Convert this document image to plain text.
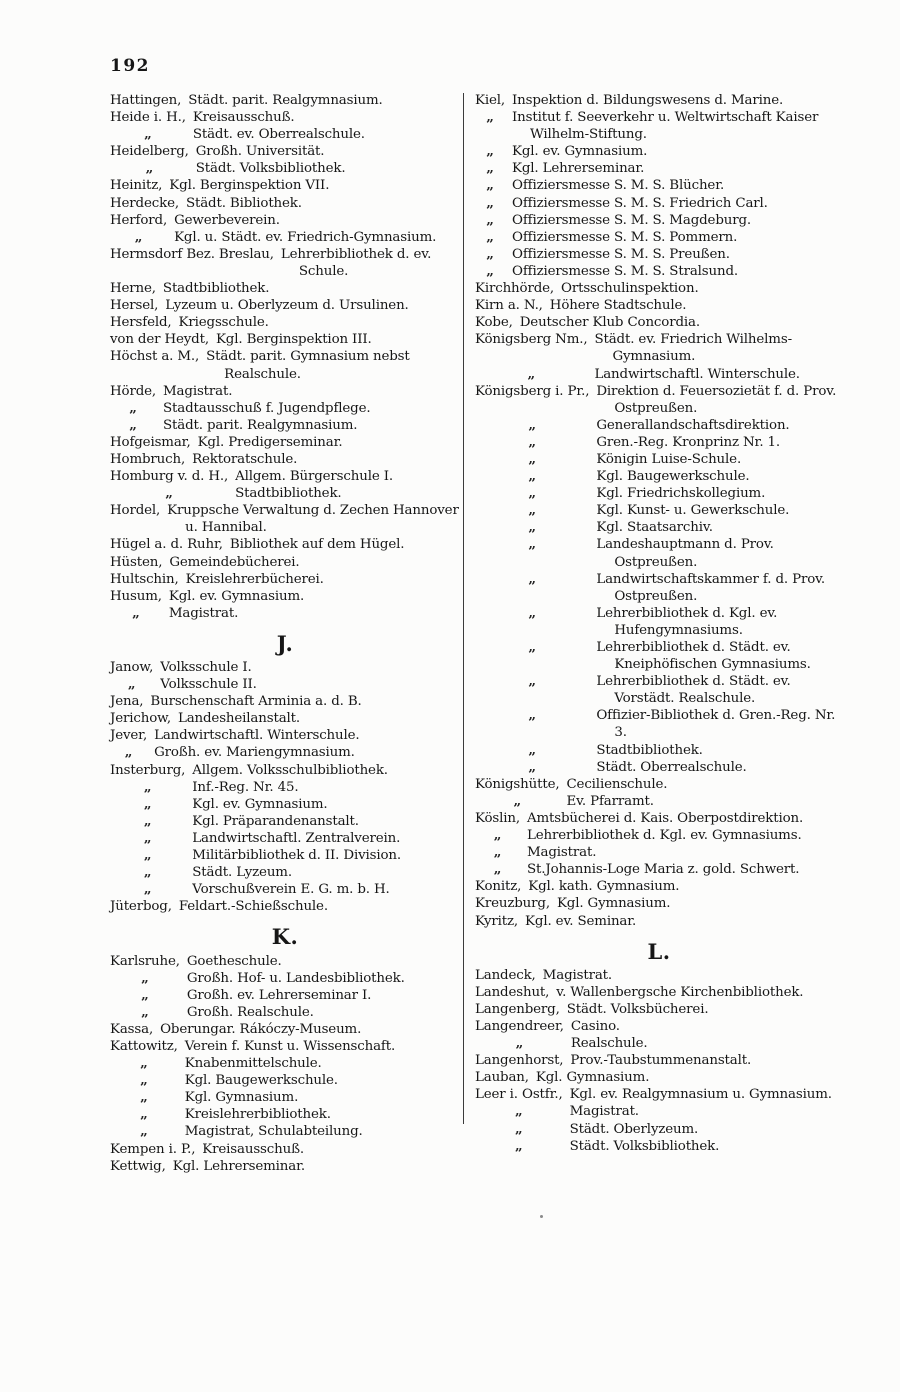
192
Hattingen, Städt. parit. Realgymnasium.
Heide i. H., Kreisausschuß.
„	Städt. ev. Oberrealschule.
Heidelberg, Großh. Universität.
„	Städt. Volksbibliothek.
Heinitz, Kgl. Berginspektion VII.
Herdecke, Städt. Bibliothek.
Herford, Gewerbeverein.
„	Kgl. u. Städt. ev. Friedrich-Gymnasium.
Hermsdorf Bez. Breslau, Lehrerbibliothek d. ev. Schule.
Herne, Stadtbibliothek.
Hersel, Lyzeum u. Oberlyzeum d. Ursulinen.
Hersfeld, Kriegsschule.
von der Heydt, Kgl. Berginspektion III.
Höchst a. M., Städt. parit. Gymnasium nebst Realschule.
Hörde, Magistrat.
„	Stadtausschuß f. Jugendpflege.
„	Städt. parit. Realgymnasium.
Hofgeismar, Kgl. Predigerseminar.
Hombruch, Rektoratschule.
Homburg v. d. H., Allgem. Bürgerschule I.
„	Stadtbibliothek.
Hordel, Kruppsche Verwaltung d. Zechen Hannover u. Hannibal.
Hügel a. d. Ruhr, Bibliothek auf dem Hügel.
Hüsten, Gemeindebücherei.
Hultschin, Kreislehrerbücherei.
Husum, Kgl. ev. Gymnasium.
„	Magistrat.
J.
Janow, Volksschule I.
„	Volksschule II.
Jena, Burschenschaft Arminia a. d. B.
Jerichow, Landesheilanstalt.
Jever, Landwirtschaftl. Winterschule.
„	Großh. ev. Mariengymnasium.
Insterburg, Allgem. Volksschulbibliothek.
„	Inf.-Reg. Nr. 45.
„	Kgl. ev. Gymnasium.
„	Kgl. Präparandenanstalt.
„	Landwirtschaftl. Zentralverein.
„	Militärbibliothek d. II. Division.
„	Städt. Lyzeum.
„	Vorschußverein E. G. m. b. H.
Jüterbog, Feldart.-Schießschule.
K.
Karlsruhe, Goetheschule.
„	Großh. Hof- u. Landesbibliothek.
„	Großh. ev. Lehrerseminar I.
„	Großh. Realschule.
Kassa, Oberungar. Rákóczy-Museum.
Kattowitz, Verein f. Kunst u. Wissenschaft.
„	Knabenmittelschule.
„	Kgl. Baugewerkschule.
„	Kgl. Gymnasium.
„	Kreislehrerbibliothek.
„	Magistrat, Schulabteilung.
Kempen i. P., Kreisausschuß.
Kettwig, Kgl. Lehrerseminar.
Kiel, Inspektion d. Bildungswesens d. Marine.
„	Institut f. Seeverkehr u. Weltwirtschaft Kaiser Wilhelm-Stiftung.
„	Kgl. ev. Gymnasium.
„	Kgl. Lehrerseminar.
„	Offiziersmesse S. M. S. Blücher.
„	Offiziersmesse S. M. S. Friedrich Carl.
„	Offiziersmesse S. M. S. Magdeburg.
„	Offiziersmesse S. M. S. Pommern.
„	Offiziersmesse S. M. S. Preußen.
„	Offiziersmesse S. M. S. Stralsund.
Kirchhörde, Ortsschulinspektion.
Kirn a. N., Höhere Stadtschule.
Kobe, Deutscher Klub Concordia.
Königsberg Nm., Städt. ev. Friedrich Wilhelms-Gymnasium.
„	Landwirtschaftl. Winterschule.
Königsberg i. Pr., Direktion d. Feuersozietät f. d. Prov. Ostpreußen.
„	Generallandschaftsdirektion.
„	Gren.-Reg. Kronprinz Nr. 1.
„	Königin Luise-Schule.
„	Kgl. Baugewerkschule.
„	Kgl. Friedrichskollegium.
„	Kgl. Kunst- u. Gewerkschule.
„	Kgl. Staatsarchiv.
„	Landeshauptmann d. Prov. Ostpreußen.
„	Landwirtschaftskammer f. d. Prov. Ostpreußen.
„	Lehrerbibliothek d. Kgl. ev. Hufengymnasiums.
„	Lehrerbibliothek d. Städt. ev. Kneiphöfischen Gymnasiums.
„	Lehrerbibliothek d. Städt. ev. Vorstädt. Realschule.
„	Offizier-Bibliothek d. Gren.-Reg. Nr. 3.
„	Stadtbibliothek.
„	Städt. Oberrealschule.
Königshütte, Cecilienschule.
„	Ev. Pfarramt.
Köslin, Amtsbücherei d. Kais. Oberpostdirektion.
„	Lehrerbibliothek d. Kgl. ev. Gymnasiums.
„	Magistrat.
„	St.Johannis-Loge Maria z. gold. Schwert.
Konitz, Kgl. kath. Gymnasium.
Kreuzburg, Kgl. Gymnasium.
Kyritz, Kgl. ev. Seminar.
L.
Landeck, Magistrat.
Landeshut, v. Wallenbergsche Kirchenbibliothek.
Langenberg, Städt. Volksbücherei.
Langendreer, Casino.
„	Realschule.
Langenhorst, Prov.-Taubstummenanstalt.
Lauban, Kgl. Gymnasium.
Leer i. Ostfr., Kgl. ev. Realgymnasium u. Gymnasium.
„	Magistrat.
„	Städt. Oberlyzeum.
„	Städt. Volksbibliothek.
